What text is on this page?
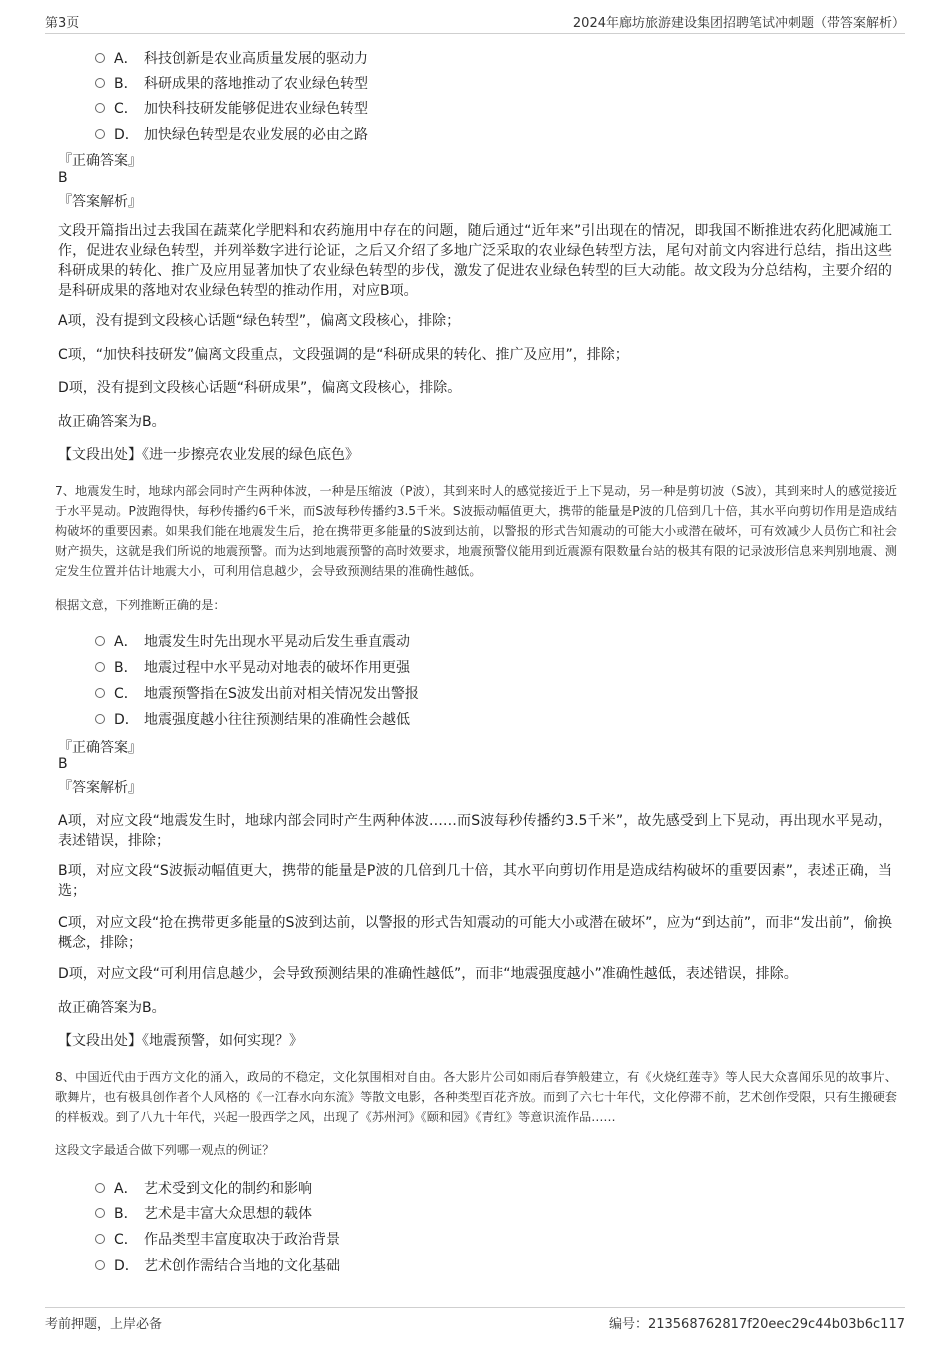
第3页	2024年廊坊旅游建设集团招聘笔试冲刺题（带答案解析）
A． 科技创新是农业高质量发展的驱动力
B． 科研成果的落地推动了农业绿色转型
C． 加快科技研发能够促进农业绿色转型
D． 加快绿色转型是农业发展的必由之路
『正确答案』
B
『答案解析』
文段开篇指出过去我国在蔬菜化学肥料和农药施用中存在的问题，随后通过“近年来”引出现在的情况，即我国不断推进农药化肥减施工作，促进农业绿色转型，并列举数字进行论证，之后又介绍了多地广泛采取的农业绿色转型方法，尾句对前文内容进行总结，指出这些科研成果的转化、推广及应用显著加快了农业绿色转型的步伐，激发了促进农业绿色转型的巨大动能。故文段为分总结构，主要介绍的是科研成果的落地对农业绿色转型的推动作用，对应B项。
A项，没有提到文段核心话题“绿色转型”，偏离文段核心，排除；
C项，“加快科技研发”偏离文段重点，文段强调的是“科研成果的转化、推广及应用”，排除；
D项，没有提到文段核心话题“科研成果”，偏离文段核心，排除。
故正确答案为B。
【文段出处】《进一步擦亮农业发展的绿色底色》
7、地震发生时，地球内部会同时产生两种体波，一种是压缩波（P波），其到来时人的感觉接近于上下晃动，另一种是剪切波（S波），其到来时人的感觉接近于水平晃动。P波跑得快，每秒传播约6千米，而S波每秒传播约3.5千米。S波振动幅值更大，携带的能量是P波的几倍到几十倍，其水平向剪切作用是造成结构破坏的重要因素。如果我们能在地震发生后，抢在携带更多能量的S波到达前，以警报的形式告知震动的可能大小或潜在破坏，可有效减少人员伤亡和社会财产损失，这就是我们所说的地震预警。而为达到地震预警的高时效要求，地震预警仪能用到近震源有限数量台站的极其有限的记录波形信息来判别地震、测定发生位置并估计地震大小，可利用信息越少，会导致预测结果的准确性越低。
根据文意，下列推断正确的是：
A． 地震发生时先出现水平晃动后发生垂直震动
B． 地震过程中水平晃动对地表的破坏作用更强
C． 地震预警指在S波发出前对相关情况发出警报
D． 地震强度越小往往预测结果的准确性会越低
『正确答案』
B
『答案解析』
A项，对应文段“地震发生时，地球内部会同时产生两种体波……而S波每秒传播约3.5千米”，故先感受到上下晃动，再出现水平晃动，表述错误，排除；
B项，对应文段“S波振动幅值更大，携带的能量是P波的几倍到几十倍，其水平向剪切作用是造成结构破坏的重要因素”，表述正确，当选；
C项，对应文段“抢在携带更多能量的S波到达前，以警报的形式告知震动的可能大小或潜在破坏”，应为“到达前”，而非“发出前”，偷换概念，排除；
D项，对应文段“可利用信息越少，会导致预测结果的准确性越低”，而非“地震强度越小”准确性越低，表述错误，排除。
故正确答案为B。
【文段出处】《地震预警，如何实现？》
8、中国近代由于西方文化的涌入，政局的不稳定，文化氛围相对自由。各大影片公司如雨后春笋般建立，有《火烧红莲寺》等人民大众喜闻乐见的故事片、歌舞片，也有极具创作者个人风格的《一江春水向东流》等散文电影，各种类型百花齐放。而到了六七十年代，文化停滞不前，艺术创作受限，只有生搬硬套的样板戏。到了八九十年代，兴起一股西学之风，出现了《苏州河》《颐和园》《青红》等意识流作品……
这段文字最适合做下列哪一观点的例证？
A． 艺术受到文化的制约和影响
B． 艺术是丰富大众思想的载体
C． 作品类型丰富度取决于政治背景
D． 艺术创作需结合当地的文化基础
考前押题，上岸必备	编号：213568762817f20eec29c44b03b6c117
